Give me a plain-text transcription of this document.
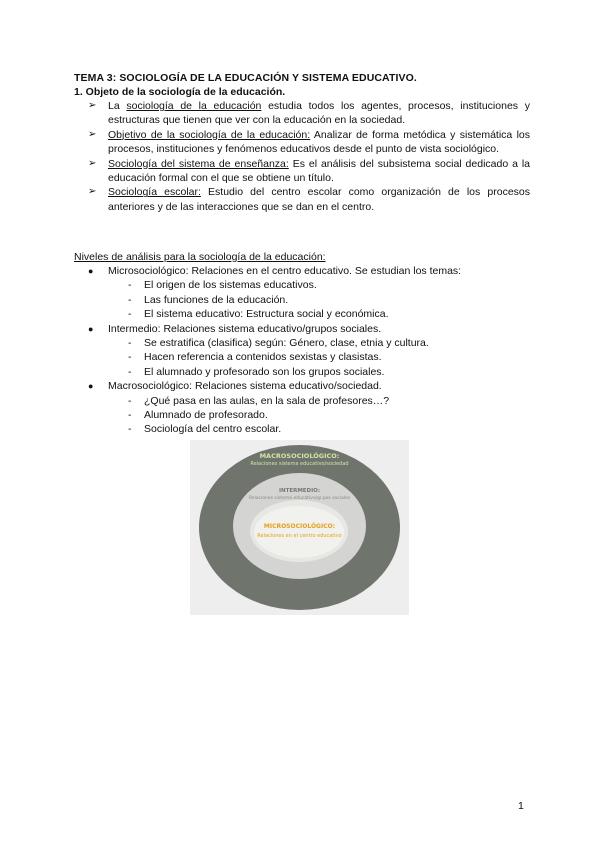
TEMA 3: SOCIOLOGÍA DE LA EDUCACIÓN Y SISTEMA EDUCATIVO.
1. Objeto de la sociología de la educación.
➢	La sociología de la educación estudia todos los agentes, procesos, instituciones y estructuras que tienen que ver con la educación en la sociedad.
➢	Objetivo de la sociología de la educación: Analizar de forma metódica y sistemática los procesos, instituciones y fenómenos educativos desde el punto de vista sociológico.
➢	Sociología del sistema de enseñanza: Es el análisis del subsistema social dedicado a la educación formal con el que se obtiene un título.
➢	Sociología escolar: Estudio del centro escolar como organización de los procesos anteriores y de las interacciones que se dan en el centro.
Niveles de análisis para la sociología de la educación:
●	Microsociológico: Relaciones en el centro educativo. Se estudian los temas:
-	El origen de los sistemas educativos.
-	Las funciones de la educación.
-	El sistema educativo: Estructura social y económica.
●	Intermedio: Relaciones sistema educativo/grupos sociales.
-	Se estratifica (clasifica) según: Género, clase, etnia y cultura.
-	Hacen referencia a contenidos sexistas y clasistas.
-	El alumnado y profesorado son los grupos sociales.
●	Macrosociológico: Relaciones sistema educativo/sociedad.
-	¿Qué pasa en las aulas, en la sala de profesores…?
-	Alumnado de profesorado.
-	Sociología del centro escolar.
MACROSOCIOLÓGICO:
Relaciones sistema educativo/sociedad
INTERMEDIO:
Relaciones sistema educativo/gr.pos sociales
MICROSOCIOLÓGICO:
Relaciones en el centro educativo
1
